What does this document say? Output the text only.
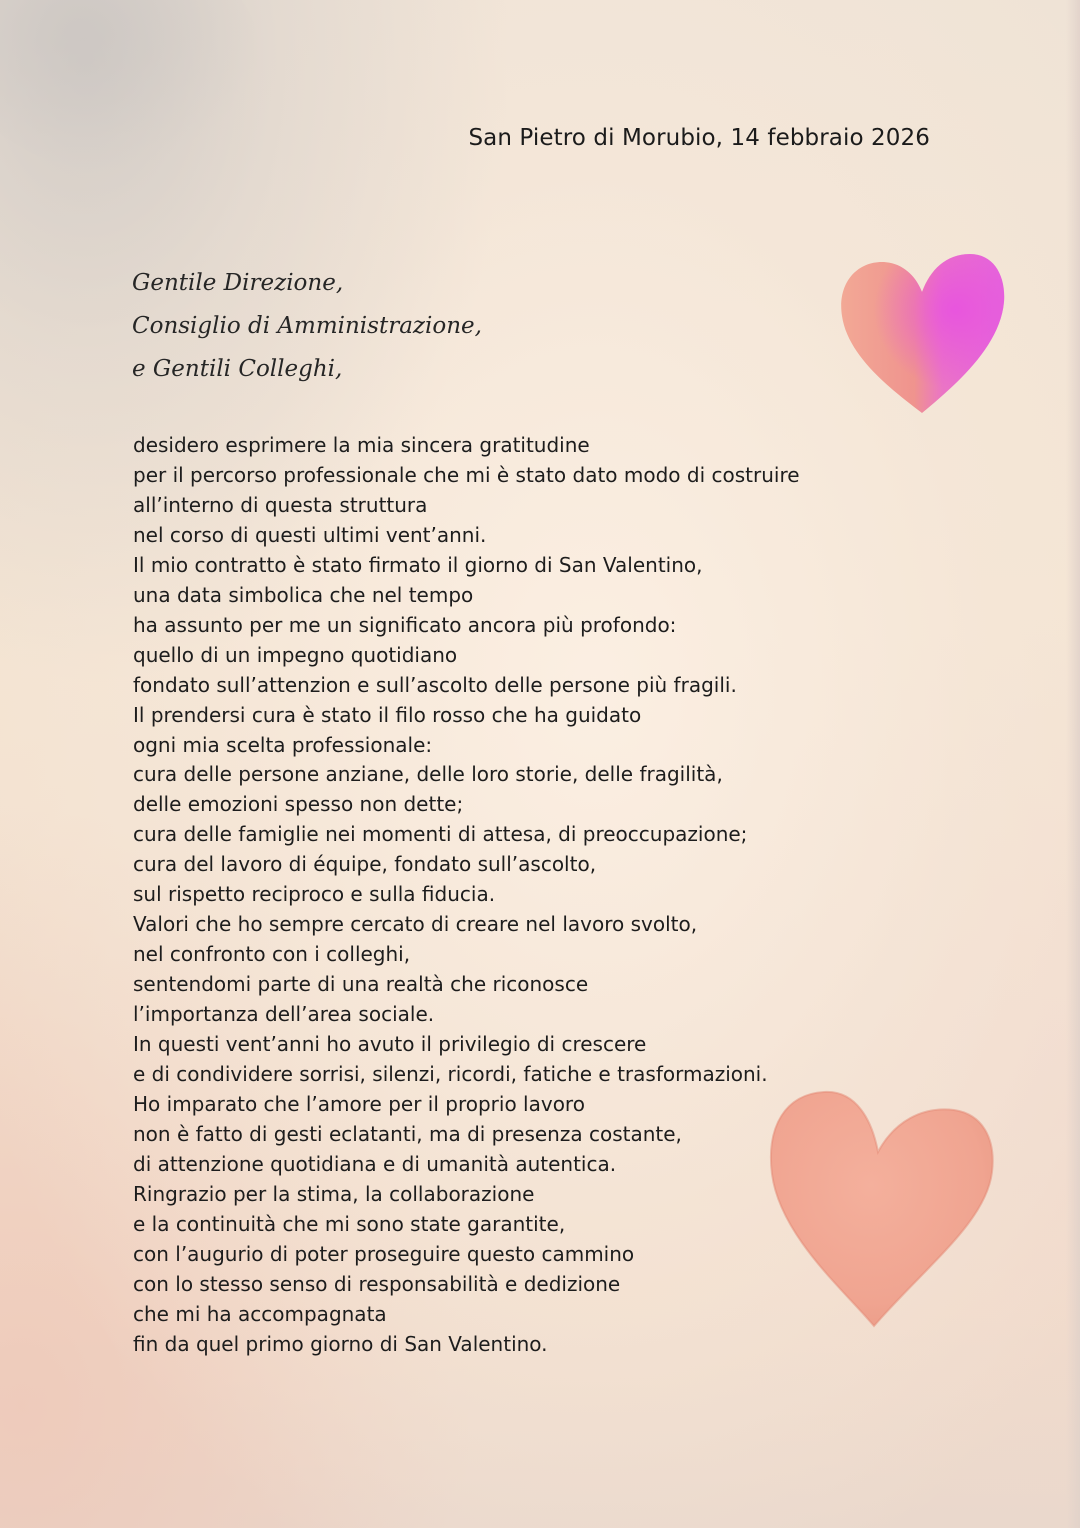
San Pietro di Morubio, 14 febbraio 2026
Gentile Direzione,
Consiglio di Amministrazione,
e Gentili Colleghi,
desidero esprimere la mia sincera gratitudine
per il percorso professionale che mi è stato dato modo di costruire
all’interno di questa struttura
nel corso di questi ultimi vent’anni.
Il mio contratto è stato firmato il giorno di San Valentino,
una data simbolica che nel tempo
ha assunto per me un significato ancora più profondo:
quello di un impegno quotidiano
fondato sull’attenzion e sull’ascolto delle persone più fragili.
Il prendersi cura è stato il filo rosso che ha guidato
ogni mia scelta professionale:
cura delle persone anziane, delle loro storie, delle fragilità,
delle emozioni spesso non dette;
cura delle famiglie nei momenti di attesa, di preoccupazione;
cura del lavoro di équipe, fondato sull’ascolto,
sul rispetto reciproco e sulla fiducia.
Valori che ho sempre cercato di creare nel lavoro svolto,
nel confronto con i colleghi,
sentendomi parte di una realtà che riconosce
l’importanza dell’area sociale.
In questi vent’anni ho avuto il privilegio di crescere
e di condividere sorrisi, silenzi, ricordi, fatiche e trasformazioni.
Ho imparato che l’amore per il proprio lavoro
non è fatto di gesti eclatanti, ma di presenza costante,
di attenzione quotidiana e di umanità autentica.
Ringrazio per la stima, la collaborazione
e la continuità che mi sono state garantite,
con l’augurio di poter proseguire questo cammino
con lo stesso senso di responsabilità e dedizione
che mi ha accompagnata
fin da quel primo giorno di San Valentino.
